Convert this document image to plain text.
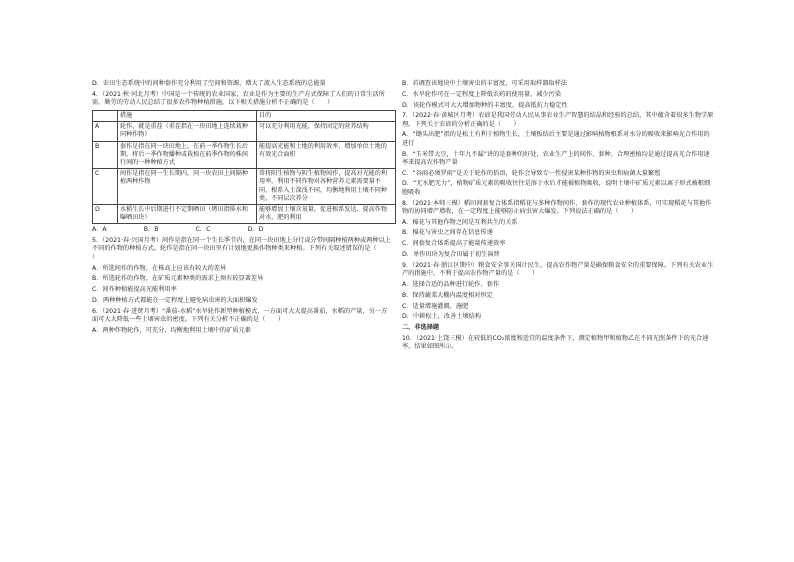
D．农田生态系统中的间种套作充分利用了空间和资源，增大了流入生态系统的总能量

4．（2021·秋·河北月考）中国是一个传统的农业国家，农业是作为主要的生产方式保障了人们的日常生活所需，勤劳的劳动人民总结了很多农作物种植措施，以下相关措施分析不正确的是（　　）

	措施	目的
A	轮作，就是重茬（重茬指在一块田地上连续栽种同种作物）	可以充分利用光能，保持固定的营养结构
B	套作是指在同一块田地上，在前一季作物生长后期，将后一季作物播种或栽植在前季作物的株间行间的一种种植方式	能提高光能和土地的利用效率，增加单位土地的有效光合面积
C	间作是指在同一生长期内，同一块农田上间隔种植两种作物	常将阳生植物与阴生植物间作，提高对光能的利用率。利用不同作物对各种营养元素需要量不同，根系入土深浅不同，均衡地利用土壤不同种类、不同层次养分
D	水稻生长中后期进行不定期晒田（烤田指排水和曝晒田块）	能够增加土壤含氧量，促进根系发达，提高作物对水、肥的利用

A．A　　　　　　B．B　　　　　　C．C　　　　　　D．D

5．（2021·春·兴国月考）间作是指在同一个生长季节内，在同一块田地上分行或分带间隔种植两种或两种以上不同的作物的种植方式。轮作是指在同一块田里有计划地更换作物种类来种植。下列有关叙述错误的是（　　）

A．所选间作的作物，在株高上应该有较大的差异

B．所选轮作的作物，在矿质元素种类的需求上须有较显著差异

C．间作种植能提高光能利用率

D．两种种植方式都能在一定程度上避免病虫害的大面积爆发

6．（2021·春·进贤月考）“番茄-水稻”水旱轮作新型种植模式，一方面可大大提高番茄、水稻的产量，另一方面可大大降低一些土壤害虫的密度。下列有关分析不正确的是（　　）

A．两种作物轮作，可充分、均衡地利用土壤中的矿质元素

B．若调查该地块中土壤害虫的丰富度，可采用取样器取样法

C．水旱轮作可在一定程度上降低农药的使用量，减少污染

D．该轮作模式可大大增加物种的丰富度，提高抵抗力稳定性

7．（2022·春·黄城区月考）农谚是我国劳动人民从事农业生产智慧的结晶和经验的总结，其中蕴含着很多生物学原理。下列关于农谚的分析正确的是（　　）

A．“锄头出肥”指的是松土有利于植物生长，土壤板结后主要是通过影响植物根系对水分的吸收来影响光合作用的进行

B．“玉米带大豆，十年九不漏”讲的是套种的好处，农业生产上的间作、套种、合理密植均是通过提高光合作用速率来提高农作物产量

C．“谷雨必须罗雨”是关于轮作的俗语，轮作会导致专一性侵害某种作物的害虫和病菌大量繁殖

D．“无水肥无力”，植物矿质元素的吸收往往是溶于水后才能被植物吸收，说明土壤中矿质元素以离子形式被根细胞吸收

8．（2021·本师三模）稻田间套复合体系指稻花与多种作物间作，套作的现代农业种植体系，可实现稻花与其他作物的协同增产增收，在一定程度上能够防止病虫害大爆发。下列说法正确的是（　　）

A．棉花与其他作物之间是互利共生的关系

B．棉花与害虫之间存在信息传递

C．间套复合体系提高了能量传递效率

D．单作田块为复合田属于初生演替

9．（2021·春·浙江区期中）粮食安全事关国计民生，提高农作物产量是确保粮食安全的重要保障。下列有关农业生产的措施中，不利于提高农作物产量的是（　　）

A．选择合适的品种进行轮作、套作

B．保持蔬菜大棚内温度相对恒定

C．适量增施灌溉、施肥

D．中耕松土，改善土壤结构

二、非选择题

10．（2021·上饶三模）在较低的CO₂浓度和适宜的温度条件下，测定植物甲和植物乙在不同光照条件下的光合速率，结果如图所示。
